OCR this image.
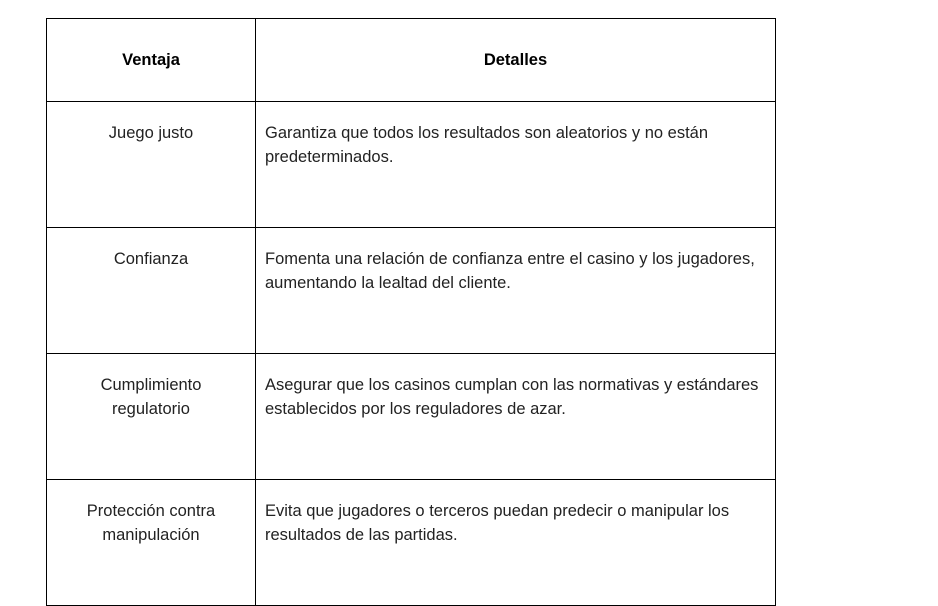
Ventaja	Detalles
Juego justo	Garantiza que todos los resultados son aleatorios y no están predeterminados.
Confianza	Fomenta una relación de confianza entre el casino y los jugadores, aumentando la lealtad del cliente.
Cumplimiento regulatorio	Asegurar que los casinos cumplan con las normativas y estándares establecidos por los reguladores de azar.
Protección contra manipulación	Evita que jugadores o terceros puedan predecir o manipular los resultados de las partidas.
